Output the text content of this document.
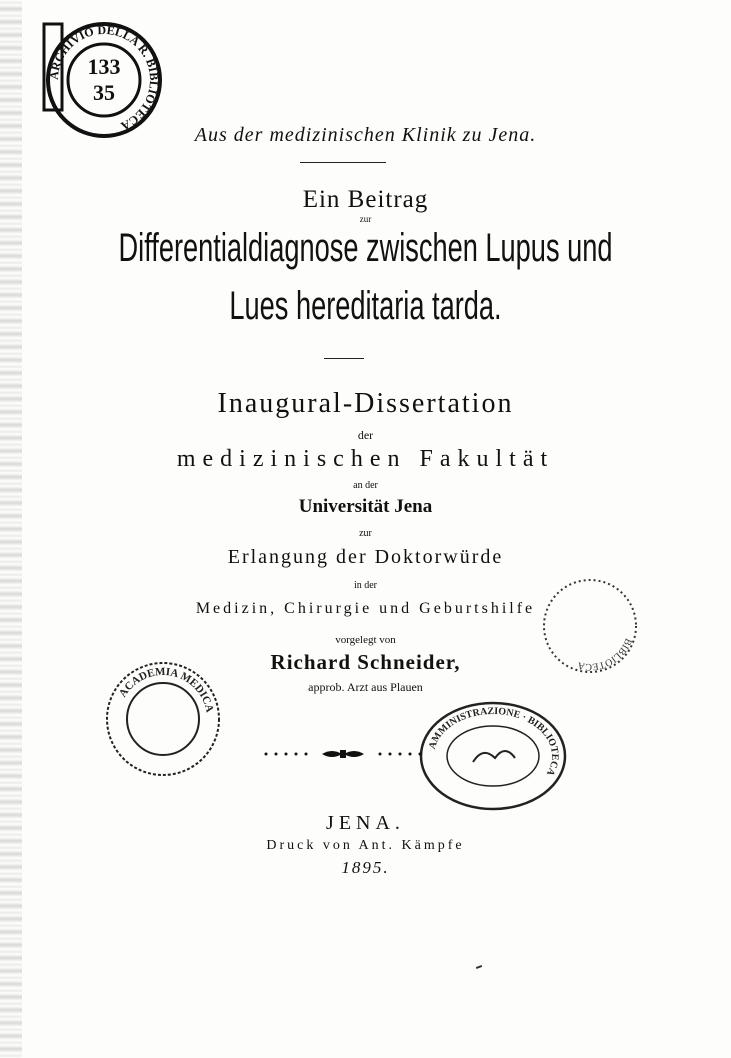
ARCHIVIO DELLA R. BIBLIOTECA
133
35
Aus der medizinischen Klinik zu Jena.
Ein Beitrag
zur
Differentialdiagnose zwischen Lupus und
Lues hereditaria tarda.
Inaugural-Dissertation
der
medizinischen Fakultät
an der
Universität Jena
zur
Erlangung der Doktorwürde
in der
Medizin, Chirurgie und Geburtshilfe
vorgelegt von
Richard Schneider,
approb. Arzt aus Plauen
ACADEMIA MEDICA
BIBLIOTECA
AMMINISTRAZIONE · BIBLIOTECA
JENA.
Druck von Ant. Kämpfe
1895.
